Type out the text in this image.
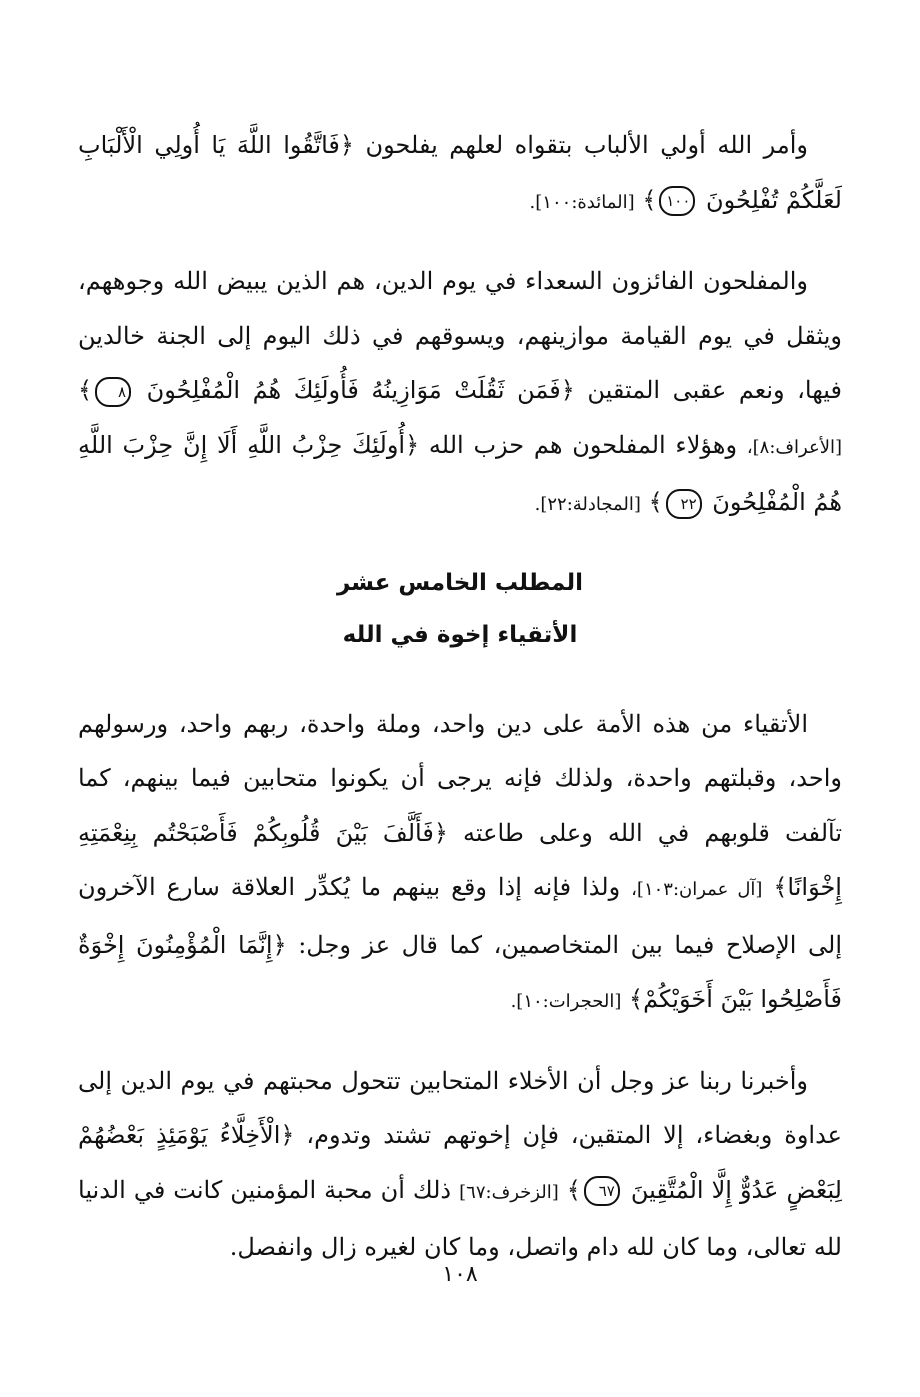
وأمر الله أولي الألباب بتقواه لعلهم يفلحون ﴿فَاتَّقُوا اللَّهَ يَا أُولِي الْأَلْبَابِ لَعَلَّكُمْ تُفْلِحُونَ ١٠٠﴾ [المائدة:١٠٠].

والمفلحون الفائزون السعداء في يوم الدين، هم الذين يبيض الله وجوههم، ويثقل في يوم القيامة موازينهم، ويسوقهم في ذلك اليوم إلى الجنة خالدين فيها، ونعم عقبى المتقين ﴿فَمَن ثَقُلَتْ مَوَازِينُهُ فَأُولَئِكَ هُمُ الْمُفْلِحُونَ ٨﴾ [الأعراف:٨]، وهؤلاء المفلحون هم حزب الله ﴿أُولَئِكَ حِزْبُ اللَّهِ أَلَا إِنَّ حِزْبَ اللَّهِ هُمُ الْمُفْلِحُونَ ٢٢﴾ [المجادلة:٢٢].

المطلب الخامس عشر

الأتقياء إخوة في الله

الأتقياء من هذه الأمة على دين واحد، وملة واحدة، ربهم واحد، ورسولهم واحد، وقبلتهم واحدة، ولذلك فإنه يرجى أن يكونوا متحابين فيما بينهم، كما تآلفت قلوبهم في الله وعلى طاعته ﴿فَأَلَّفَ بَيْنَ قُلُوبِكُمْ فَأَصْبَحْتُم بِنِعْمَتِهِ إِخْوَانًا﴾ [آل عمران:١٠٣]، ولذا فإنه إذا وقع بينهم ما يُكدِّر العلاقة سارع الآخرون إلى الإصلاح فيما بين المتخاصمين، كما قال عز وجل: ﴿إِنَّمَا الْمُؤْمِنُونَ إِخْوَةٌ فَأَصْلِحُوا بَيْنَ أَخَوَيْكُمْ﴾ [الحجرات:١٠].

وأخبرنا ربنا عز وجل أن الأخلاء المتحابين تتحول محبتهم في يوم الدين إلى عداوة وبغضاء، إلا المتقين، فإن إخوتهم تشتد وتدوم، ﴿الْأَخِلَّاءُ يَوْمَئِذٍ بَعْضُهُمْ لِبَعْضٍ عَدُوٌّ إِلَّا الْمُتَّقِينَ ٦٧﴾ [الزخرف:٦٧] ذلك أن محبة المؤمنين كانت في الدنيا لله تعالى، وما كان لله دام واتصل، وما كان لغيره زال وانفصل.

١٠٨
